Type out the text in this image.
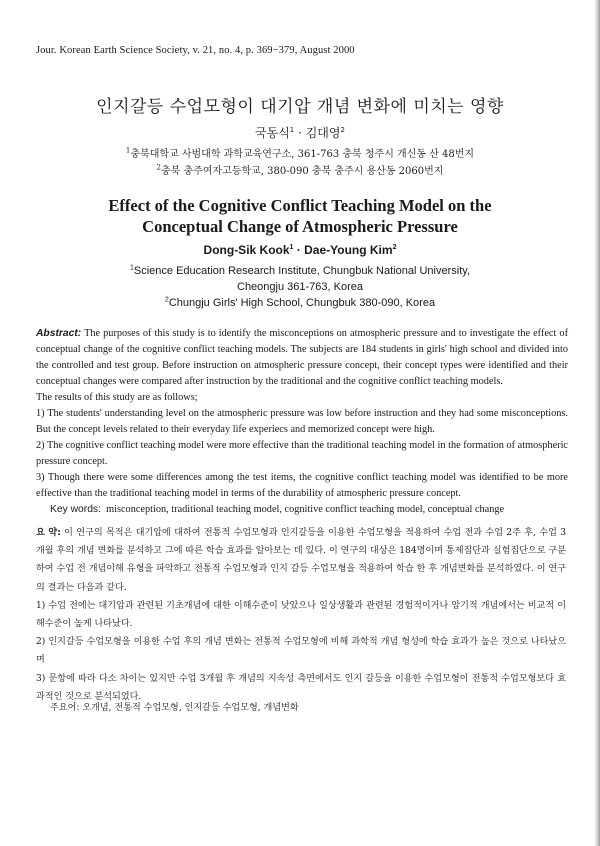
Jour. Korean Earth Science Society, v. 21, no. 4, p. 369−379, August 2000
인지갈등 수업모형이 대기압 개념 변화에 미치는 영향
국동식$^1$ · 김대영$^2$
$^1$충북대학교 사범대학 과학교육연구소, 361-763 충북 청주시 개신동 산 48번지
$^2$충북 충주여자고등학교, 380-090 충북 충주시 용산동 2060번지
Effect of the Cognitive Conflict Teaching Model on the
Conceptual Change of Atmospheric Pressure
Dong-Sik Kook$^1$ · Dae-Young Kim$^2$
$^1$Science Education Research Institute, Chungbuk National University,
Cheongju 361-763, Korea
$^2$Chungju Girls' High School, Chungbuk 380-090, Korea

Abstract: The purposes of this study is to identify the misconceptions on atmospheric pressure and to investigate the effect of conceptual change of the cognitive conflict teaching models. The subjects are 184 students in girls' high school and divided into the controlled and test group. Before instruction on atmospheric pressure concept, their concept types were identified and their conceptual changes were compared after instruction by the traditional and the cognitive conflict teaching models.

The results of this study are as follows;

1) The students' understanding level on the atmospheric pressure was low before instruction and they had some misconceptions. But the concept levels related to their everyday life experiecs and memorized concept were high.

2) The cognitive conflict teaching model were more effective than the traditional teaching model in the formation of atmospheric pressure concept.

3) Though there were some differences among the test items, the cognitive conflict teaching model was identified to be more effective than the traditional teaching model in terms of the durability of atmospheric pressure concept.

Key words: misconception, traditional teaching model, cognitive conflict teaching model, conceptual change

요 약: 이 연구의 목적은 대기압에 대하여 전통적 수업모형과 인지갈등을 이용한 수업모형을 적용하여 수업 전과 수업 2주 후, 수업 3개월 후의 개념 변화를 분석하고 그에 따른 학습 효과를 알아보는 데 있다. 이 연구의 대상은 184명이며 통제집단과 실험집단으로 구분하여 수업 전 개념이해 유형을 파악하고 전통적 수업모형과 인지 갈등 수업모형을 적용하여 학습 한 후 개념변화를 분석하였다. 이 연구의 결과는 다음과 같다.

1) 수업 전에는 대기압과 관련된 기초개념에 대한 이해수준이 낮았으나 일상생활과 관련된 경험적이거나 암기적 개념에서는 비교적 이해수준이 높게 나타났다.

2) 인지갈등 수업모형을 이용한 수업 후의 개념 변화는 전통적 수업모형에 비해 과학적 개념 형성에 학습 효과가 높은 것으로 나타났으며

3) 문항에 따라 다소 차이는 있지만 수업 3개월 후 개념의 지속성 측면에서도 인지 갈등을 이용한 수업모형이 전통적 수업모형보다 효과적인 것으로 분석되었다.

주요어: 오개념, 전통적 수업모형, 인지갈등 수업모형, 개념변화
